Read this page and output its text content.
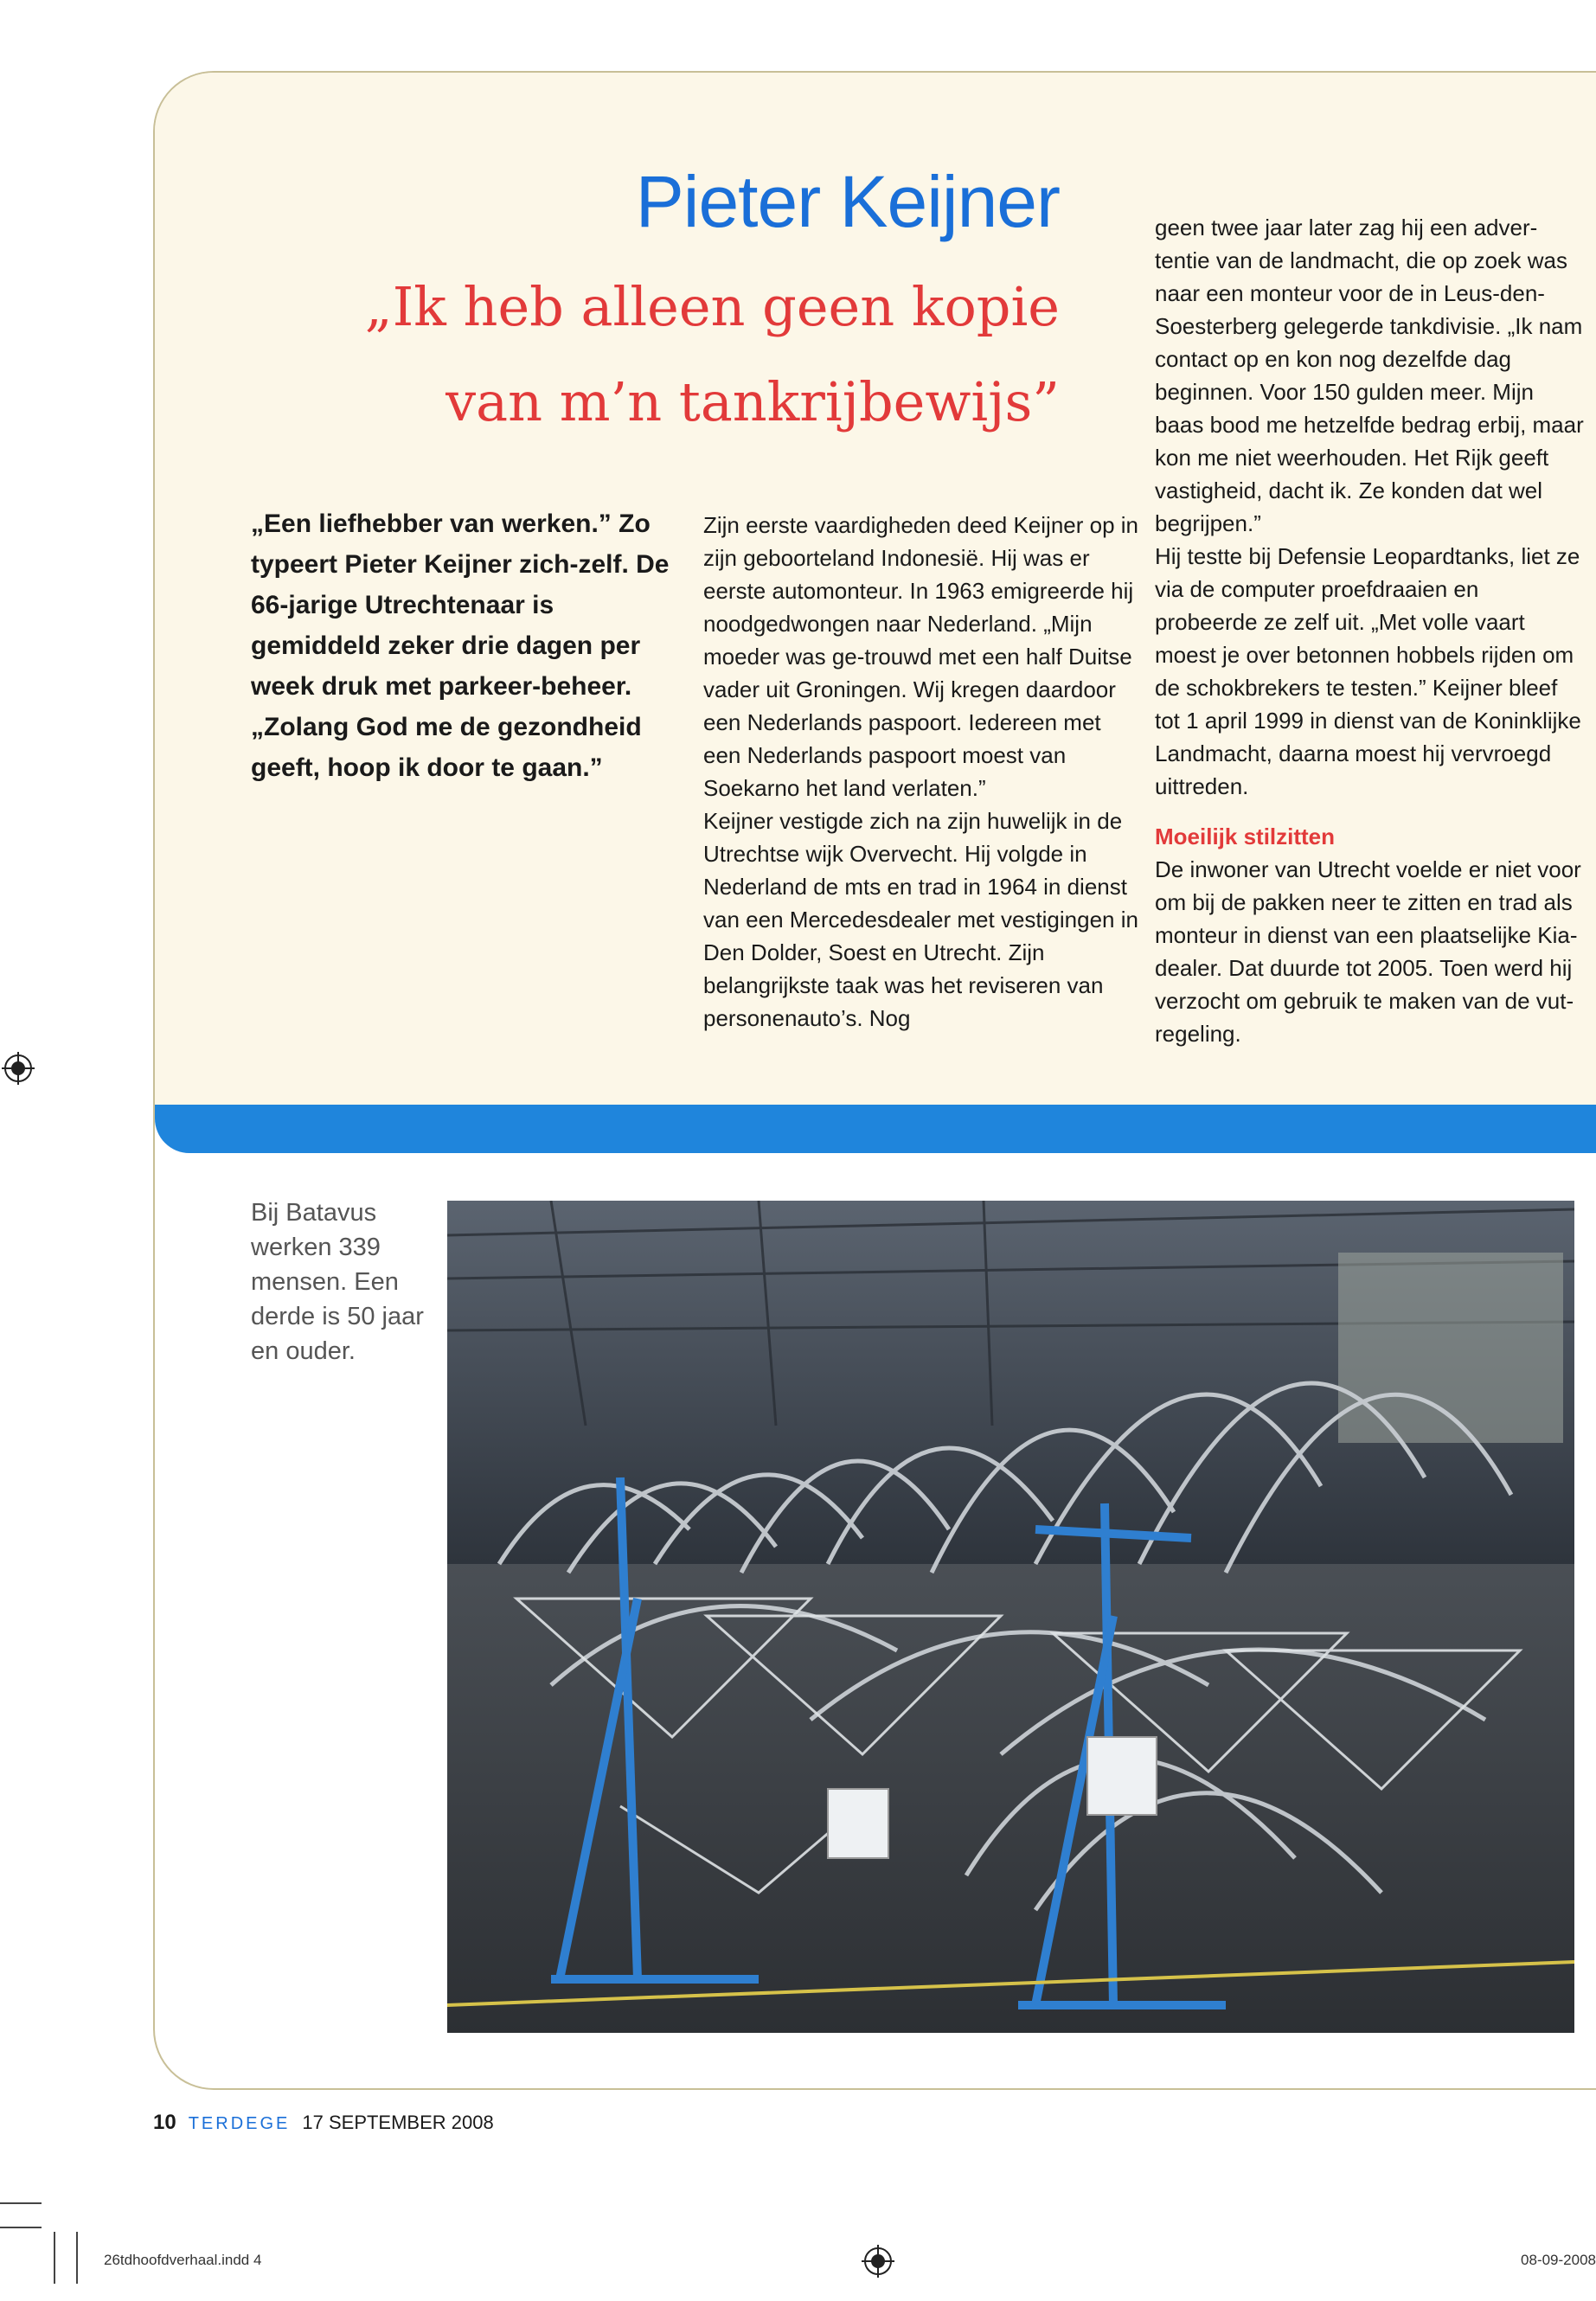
Pieter Keijner
„Ik heb alleen geen kopie
van m’n tankrijbewijs”
„Een liefhebber van werken.” Zo typeert Pieter Keijner zich-zelf. De 66-jarige Utrechtenaar is gemiddeld zeker drie dagen per week druk met parkeer-beheer. „Zolang God me de gezondheid geeft, hoop ik door te gaan.”

Zijn eerste vaardigheden deed Keijner op in zijn geboorteland Indonesië. Hij was er eerste automonteur. In 1963 emigreerde hij noodgedwongen naar Nederland. „Mijn moeder was ge-trouwd met een half Duitse vader uit Groningen. Wij kregen daardoor een Nederlands paspoort. Iedereen met een Nederlands paspoort moest van Soekarno het land verlaten.”

Keijner vestigde zich na zijn huwelijk in de Utrechtse wijk Overvecht. Hij volgde in Nederland de mts en trad in 1964 in dienst van een Mercedesdealer met vestigingen in Den Dolder, Soest en Utrecht. Zijn belangrijkste taak was het reviseren van personenauto’s. Nog

geen twee jaar later zag hij een adver-tentie van de landmacht, die op zoek was naar een monteur voor de in Leus-den-Soesterberg gelegerde tankdivisie. „Ik nam contact op en kon nog dezelfde dag beginnen. Voor 150 gulden meer. Mijn baas bood me hetzelfde bedrag erbij, maar kon me niet weerhouden. Het Rijk geeft vastigheid, dacht ik. Ze konden dat wel begrijpen.”

Hij testte bij Defensie Leopardtanks, liet ze via de computer proefdraaien en probeerde ze zelf uit. „Met volle vaart moest je over betonnen hobbels rijden om de schokbrekers te testen.” Keijner bleef tot 1 april 1999 in dienst van de Koninklijke Landmacht, daarna moest hij vervroegd uittreden.

Moeilijk stilzitten

De inwoner van Utrecht voelde er niet voor om bij de pakken neer te zitten en trad als monteur in dienst van een plaatselijke Kia-dealer. Dat duurde tot 2005. Toen werd hij verzocht om gebruik te maken van de vut-regeling.

Bij Batavus werken 339 mensen. Een derde is 50 jaar en ouder.
10 TERDEGE 17 SEPTEMBER 2008
26tdhoofdverhaal.indd 4	08-09-2008
